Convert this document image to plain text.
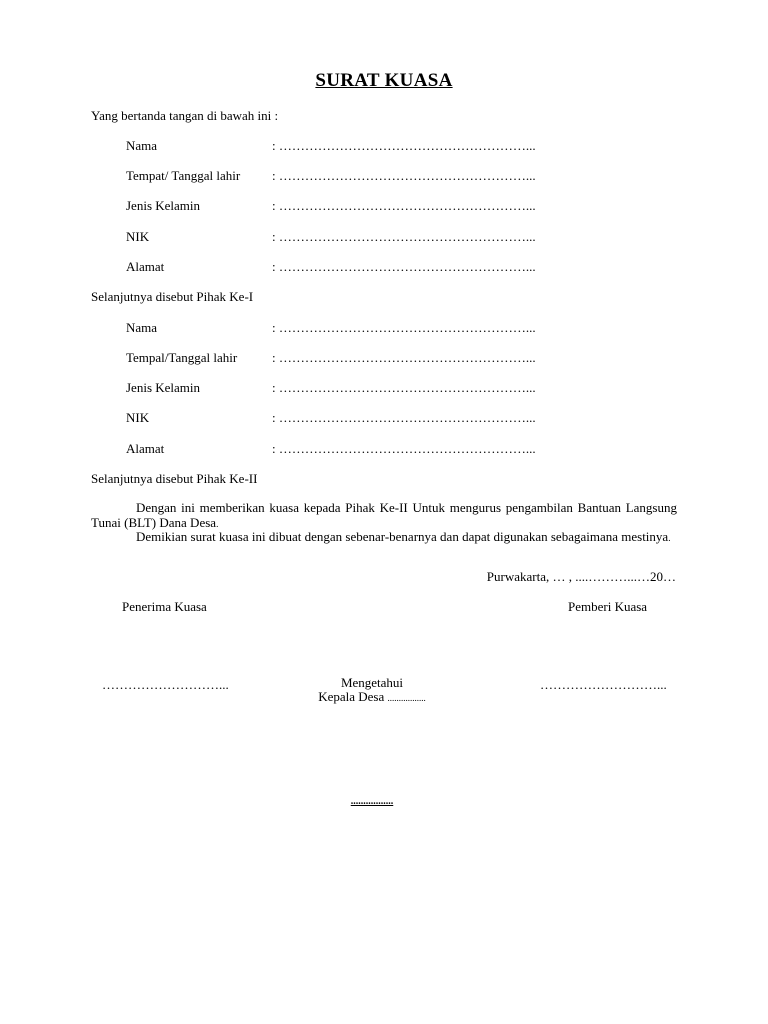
SURAT KUASA
Yang bertanda tangan di bawah ini :
Nama	: …………………………………………………...
Tempat/ Tanggal lahir : …………………………………………………...
Jenis Kelamin	: …………………………………………………...
NIK	: …………………………………………………...
Alamat	: …………………………………………………...
Selanjutnya disebut Pihak Ke-I
Nama	: …………………………………………………...
Tempal/Tanggal lahir	: …………………………………………………...
Jenis Kelamin	: …………………………………………………...
NIK	: …………………………………………………...
Alamat	: …………………………………………………...
Selanjutnya disebut Pihak Ke-II
Dengan ini memberikan kuasa kepada Pihak Ke-II Untuk mengurus pengambilan Bantuan Langsung Tunai (BLT) Dana Desa.
Demikian surat kuasa ini dibuat dengan sebenar-benarnya dan dapat digunakan sebagaimana mestinya.
Purwakarta, … , ....………...…20…
Penerima Kuasa	Pemberi Kuasa
………………………...	………………………...
Mengetahui
Kepala Desa .................
.................
